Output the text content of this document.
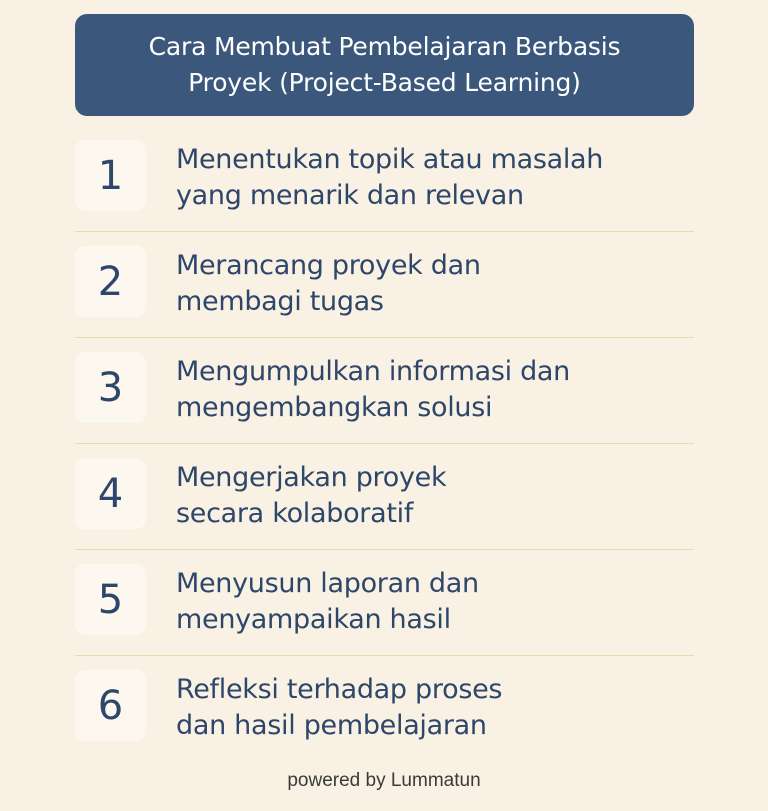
Cara Membuat Pembelajaran Berbasis
Proyek (Project-Based Learning)
1	Menentukan topik atau masalah
yang menarik dan relevan
2	Merancang proyek dan
membagi tugas
3	Mengumpulkan informasi dan
mengembangkan solusi
4	Mengerjakan proyek
secara kolaboratif
5	Menyusun laporan dan
menyampaikan hasil
6	Refleksi terhadap proses
dan hasil pembelajaran
powered by Lummatun
